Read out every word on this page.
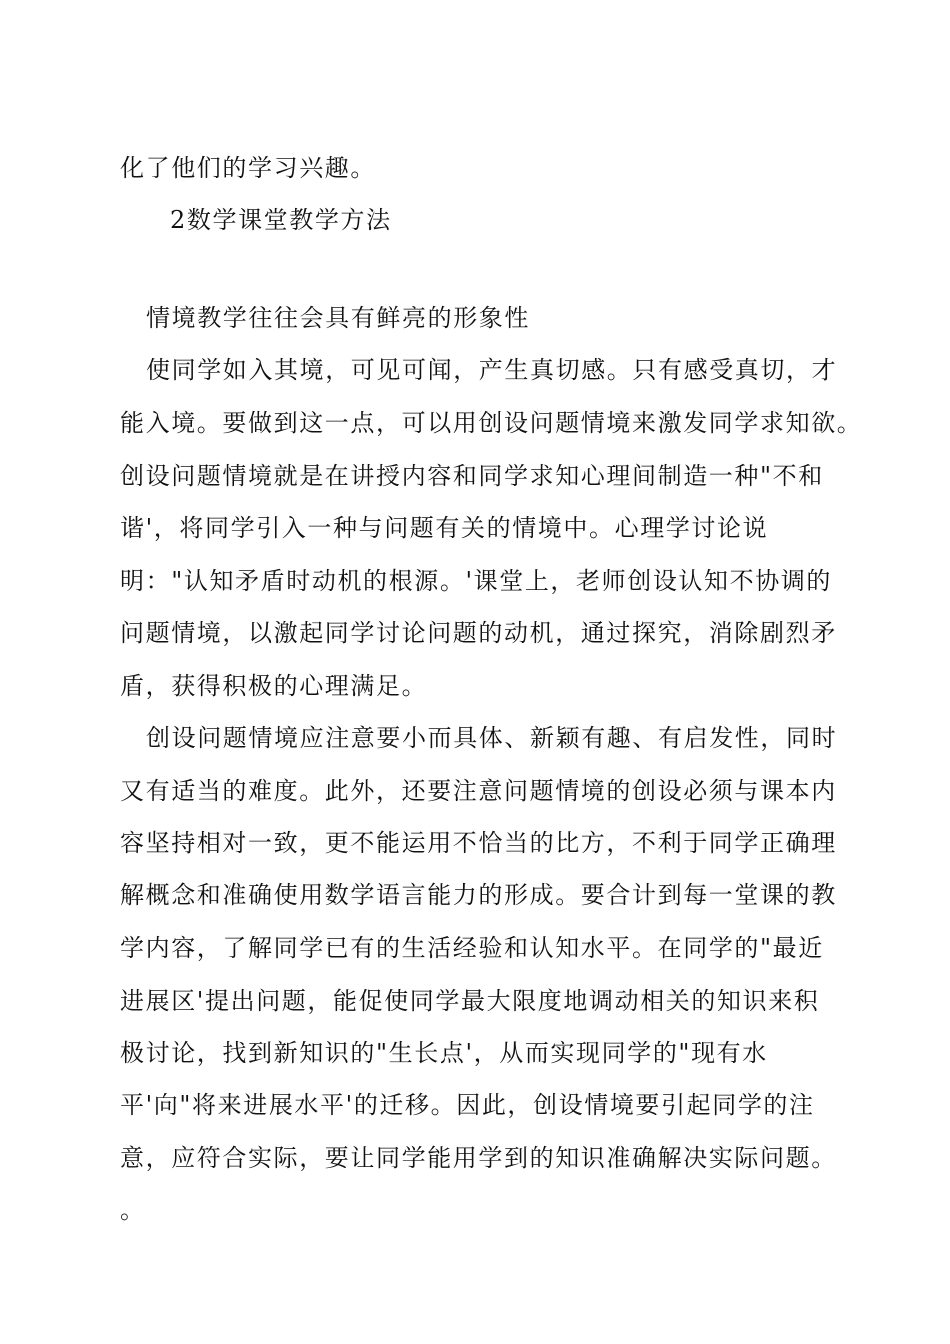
化了他们的学习兴趣。
2数学课堂教学方法
情境教学往往会具有鲜亮的形象性
使同学如入其境，可见可闻，产生真切感。只有感受真切，才
能入境。要做到这一点，可以用创设问题情境来激发同学求知欲。
创设问题情境就是在讲授内容和同学求知心理间制造一种"不和
谐'，将同学引入一种与问题有关的情境中。心理学讨论说
明："认知矛盾时动机的根源。'课堂上，老师创设认知不协调的
问题情境，以激起同学讨论问题的动机，通过探究，消除剧烈矛
盾，获得积极的心理满足。
创设问题情境应注意要小而具体、新颖有趣、有启发性，同时
又有适当的难度。此外，还要注意问题情境的创设必须与课本内
容坚持相对一致，更不能运用不恰当的比方，不利于同学正确理
解概念和准确使用数学语言能力的形成。要合计到每一堂课的教
学内容，了解同学已有的生活经验和认知水平。在同学的"最近
进展区'提出问题，能促使同学最大限度地调动相关的知识来积
极讨论，找到新知识的"生长点'，从而实现同学的"现有水
平'向"将来进展水平'的迁移。因此，创设情境要引起同学的注
意，应符合实际，要让同学能用学到的知识准确解决实际问题。
。
